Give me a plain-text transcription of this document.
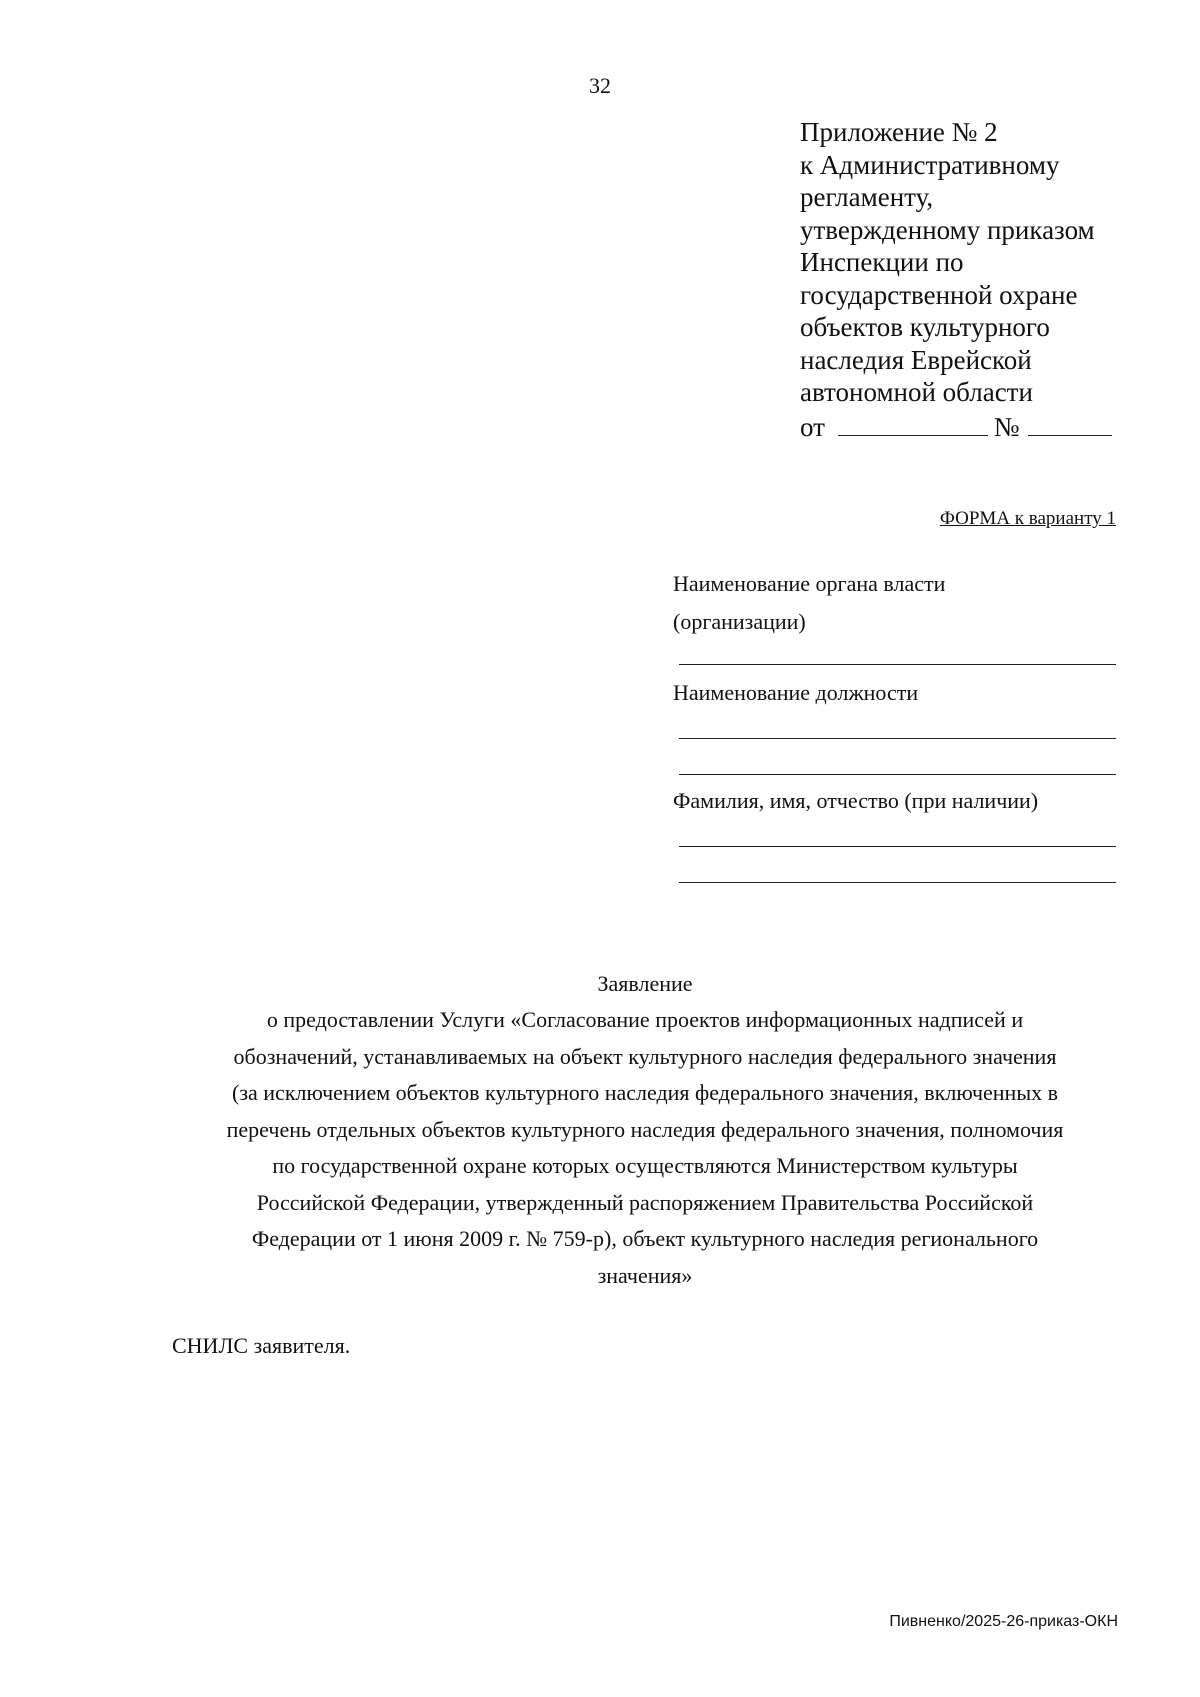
32
Приложение № 2
к Административному
регламенту,
утвержденному приказом
Инспекции по
государственной охране
объектов культурного
наследия Еврейской
автономной области
от	№
ФОРМА к варианту 1
Наименование органа власти
(организации)
Наименование должности
Фамилия, имя, отчество (при наличии)
Заявление
о предоставлении Услуги «Согласование проектов информационных надписей и
обозначений, устанавливаемых на объект культурного наследия федерального значения
(за исключением объектов культурного наследия федерального значения, включенных в
перечень отдельных объектов культурного наследия федерального значения, полномочия
по государственной охране которых осуществляются Министерством культуры
Российской Федерации, утвержденный распоряжением Правительства Российской
Федерации от 1 июня 2009 г. № 759-р), объект культурного наследия регионального
значения»
СНИЛС заявителя.
Пивненко/2025-26-приказ-ОКН
